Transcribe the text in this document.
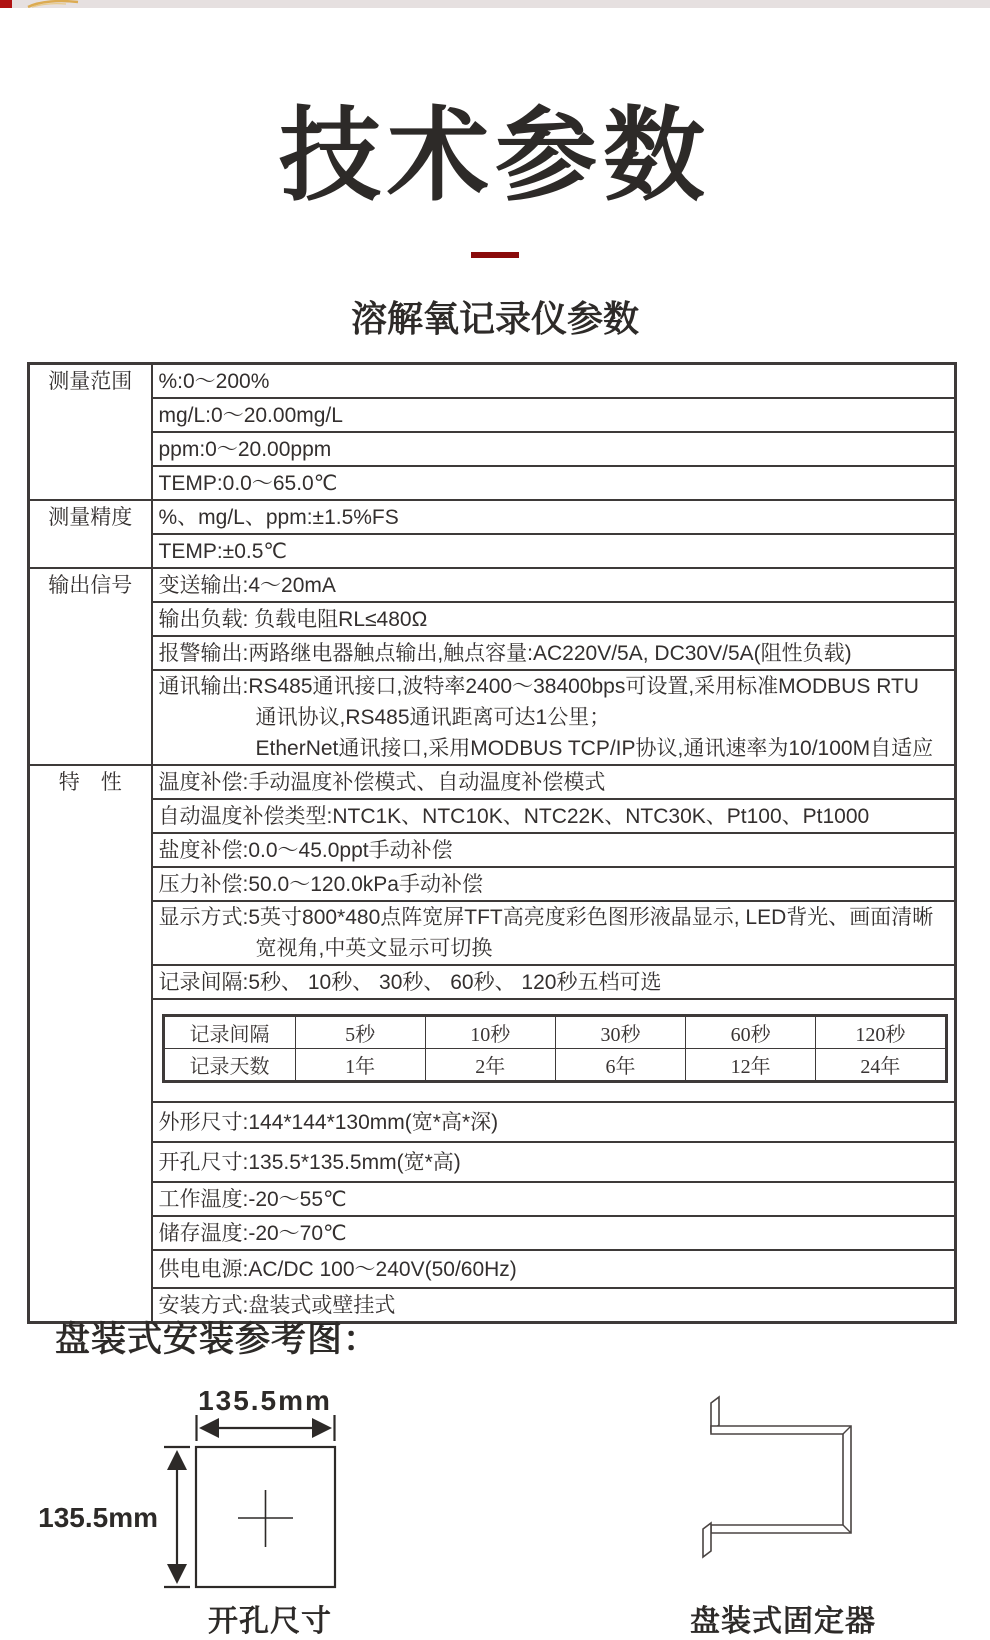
技术参数
溶解氧记录仪参数
测量范围	%:0～200%

mg/L:0～20.00mg/L

ppm:0～20.00ppm

TEMP:0.0～65.0℃

测量精度	%、mg/L、ppm:±1.5%FS

TEMP:±0.5℃

输出信号	变送输出:4～20mA

输出负载: 负载电阻RL≤480Ω

报警输出:两路继电器触点输出,触点容量:AC220V/5A, DC30V/5A(阻性负载)

通讯输出:RS485通讯接口,波特率2400～38400bps可设置,采用标准MODBUS RTU
通讯协议,RS485通讯距离可达1公里；
EtherNet通讯接口,采用MODBUS TCP/IP协议,通讯速率为10/100M自适应

特　性	温度补偿:手动温度补偿模式、自动温度补偿模式

自动温度补偿类型:NTC1K、NTC10K、NTC22K、NTC30K、Pt100、Pt1000

盐度补偿:0.0～45.0ppt手动补偿

压力补偿:50.0～120.0kPa手动补偿

显示方式:5英寸800*480点阵宽屏TFT高亮度彩色图形液晶显示, LED背光、画面清晰
宽视角,中英文显示可切换

记录间隔:5秒、 10秒、 30秒、 60秒、 120秒五档可选

记录间隔	5秒	10秒	30秒	60秒	120秒
记录天数	1年	2年	6年	12年	24年

外形尺寸:144*144*130mm(宽*高*深)

开孔尺寸:135.5*135.5mm(宽*高)

工作温度:-20～55℃

储存温度:-20～70℃

供电电源:AC/DC 100～240V(50/60Hz)

安装方式:盘装式或壁挂式
盘装式安装参考图：
135.5mm
135.5mm
开孔尺寸	盘装式固定器
